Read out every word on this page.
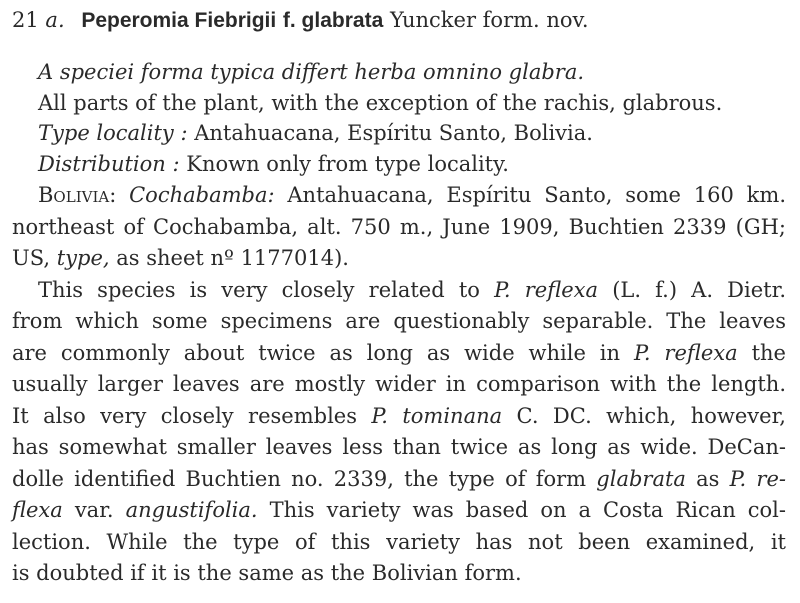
21 a. Peperomia Fiebrigii f. glabrata Yuncker form. nov.
A speciei forma typica differt herba omnino glabra.
All parts of the plant, with the exception of the rachis, glabrous.
Type locality : Antahuacana, Espíritu Santo, Bolivia.
Distribution : Known only from type locality.
Bolivia: Cochabamba: Antahuacana, Espíritu Santo, some 160 km.
northeast of Cochabamba, alt. 750 m., June 1909, Buchtien 2339 (GH;
US, type, as sheet nº 1177014).
This species is very closely related to P. reflexa (L. f.) A. Dietr.
from which some specimens are questionably separable. The leaves
are commonly about twice as long as wide while in P. reflexa the
usually larger leaves are mostly wider in comparison with the length.
It also very closely resembles P. tominana C. DC. which, however,
has somewhat smaller leaves less than twice as long as wide. DeCan-
dolle identified Buchtien no. 2339, the type of form glabrata as P. re-
flexa var. angustifolia. This variety was based on a Costa Rican col-
lection. While the type of this variety has not been examined, it
is doubted if it is the same as the Bolivian form.
